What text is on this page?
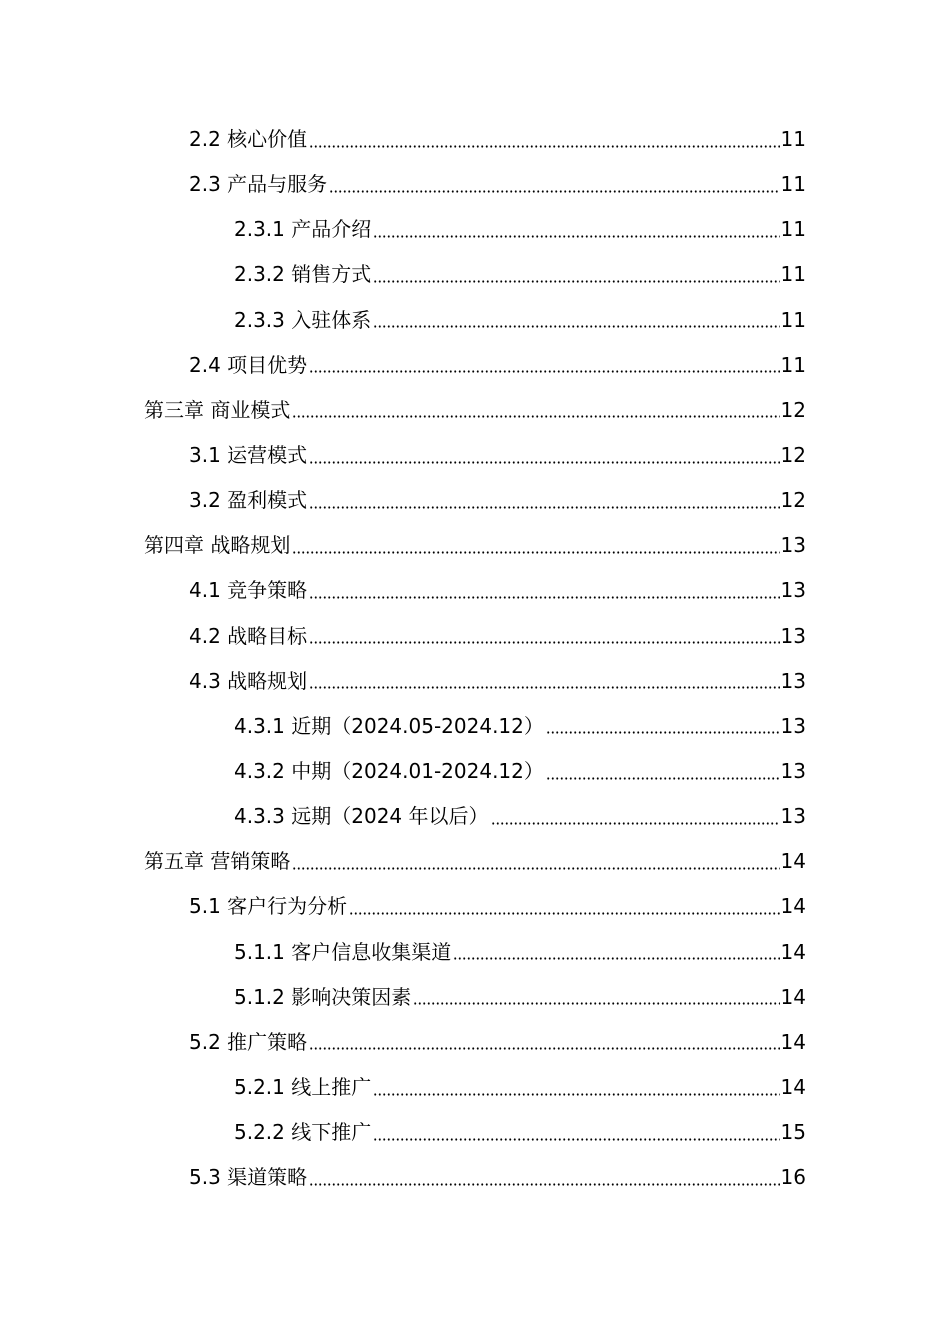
2.2 核心价值	11
2.3 产品与服务	11
2.3.1 产品介绍	11
2.3.2 销售方式	11
2.3.3 入驻体系	11
2.4 项目优势	11
第三章 商业模式	12
3.1 运营模式	12
3.2 盈利模式	12
第四章 战略规划	13
4.1 竞争策略	13
4.2 战略目标	13
4.3 战略规划	13
4.3.1 近期（2024.05-2024.12）	13
4.3.2 中期（2024.01-2024.12）	13
4.3.3 远期（2024 年以后）	13
第五章 营销策略	14
5.1 客户行为分析	14
5.1.1 客户信息收集渠道	14
5.1.2 影响决策因素	14
5.2 推广策略	14
5.2.1 线上推广	14
5.2.2 线下推广	15
5.3 渠道策略	16
